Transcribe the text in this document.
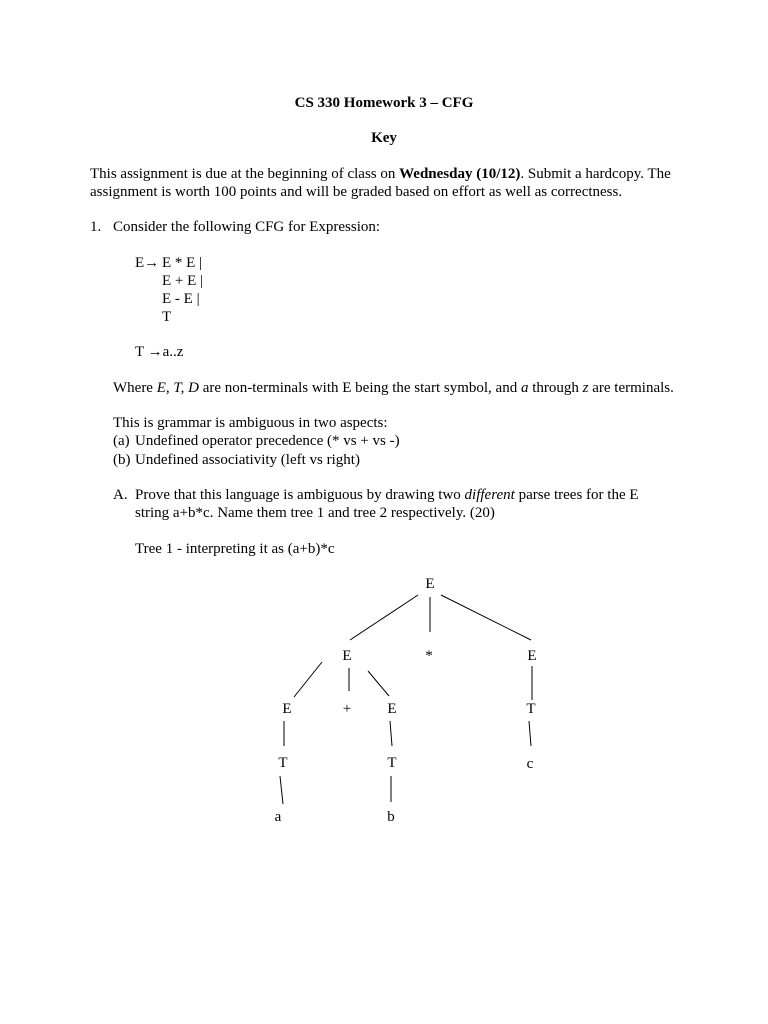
CS 330 Homework 3 – CFG
Key
This assignment is due at the beginning of class on Wednesday (10/12). Submit a hardcopy. The
assignment is worth 100 points and will be graded based on effort as well as correctness.
1. Consider the following CFG for Expression:
E→ E * E |
E + E |
E - E |
T
T →a..z
Where E, T, D are non-terminals with E being the start symbol, and a through z are terminals.
This is grammar is ambiguous in two aspects:
(a) Undefined operator precedence (* vs + vs -)
(b) Undefined associativity (left vs right)
A. Prove that this language is ambiguous by drawing two different parse trees for the E
string a+b*c. Name them tree 1 and tree 2 respectively. (20)
Tree 1 - interpreting it as (a+b)*c
E
E	*	E
E	+ E	T
T	T	c
a	b
